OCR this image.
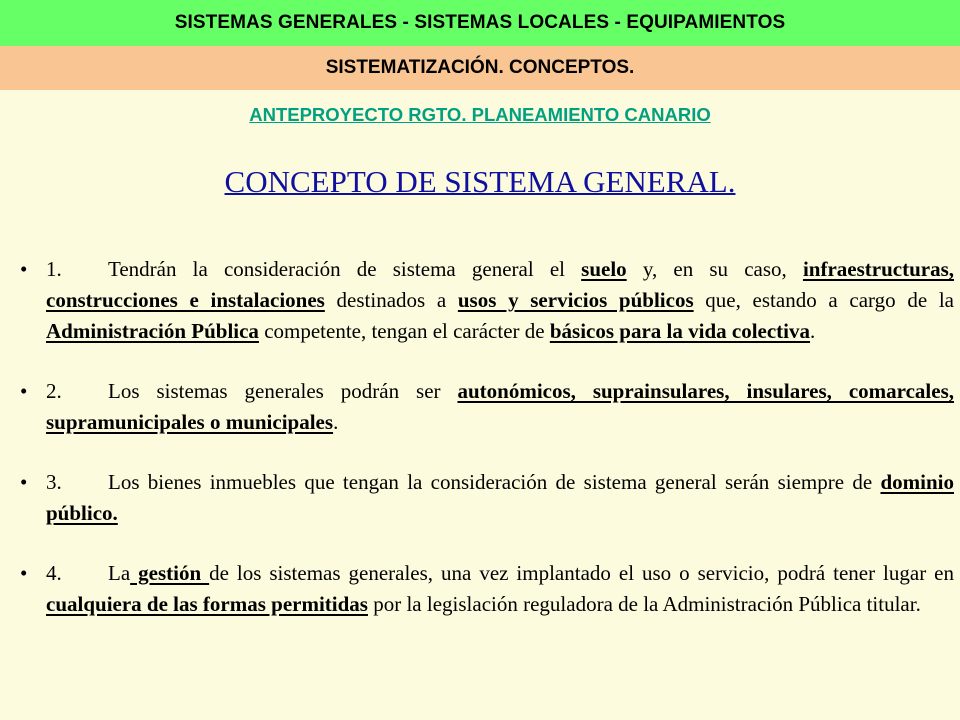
SISTEMAS GENERALES - SISTEMAS LOCALES - EQUIPAMIENTOS
SISTEMATIZACIÓN. CONCEPTOS.
ANTEPROYECTO RGTO. PLANEAMIENTO CANARIO
CONCEPTO DE SISTEMA GENERAL.
• 1. Tendrán la consideración de sistema general el suelo y, en su caso, infraestructuras, construcciones e instalaciones destinados a usos y servicios públicos que, estando a cargo de la Administración Pública competente, tengan el carácter de básicos para la vida colectiva.
• 2. Los sistemas generales podrán ser autonómicos, suprainsulares, insulares, comarcales, supramunicipales o municipales.
• 3. Los bienes inmuebles que tengan la consideración de sistema general serán siempre de dominio público.
• 4. La gestión de los sistemas generales, una vez implantado el uso o servicio, podrá tener lugar en cualquiera de las formas permitidas por la legislación reguladora de la Administración Pública titular.
